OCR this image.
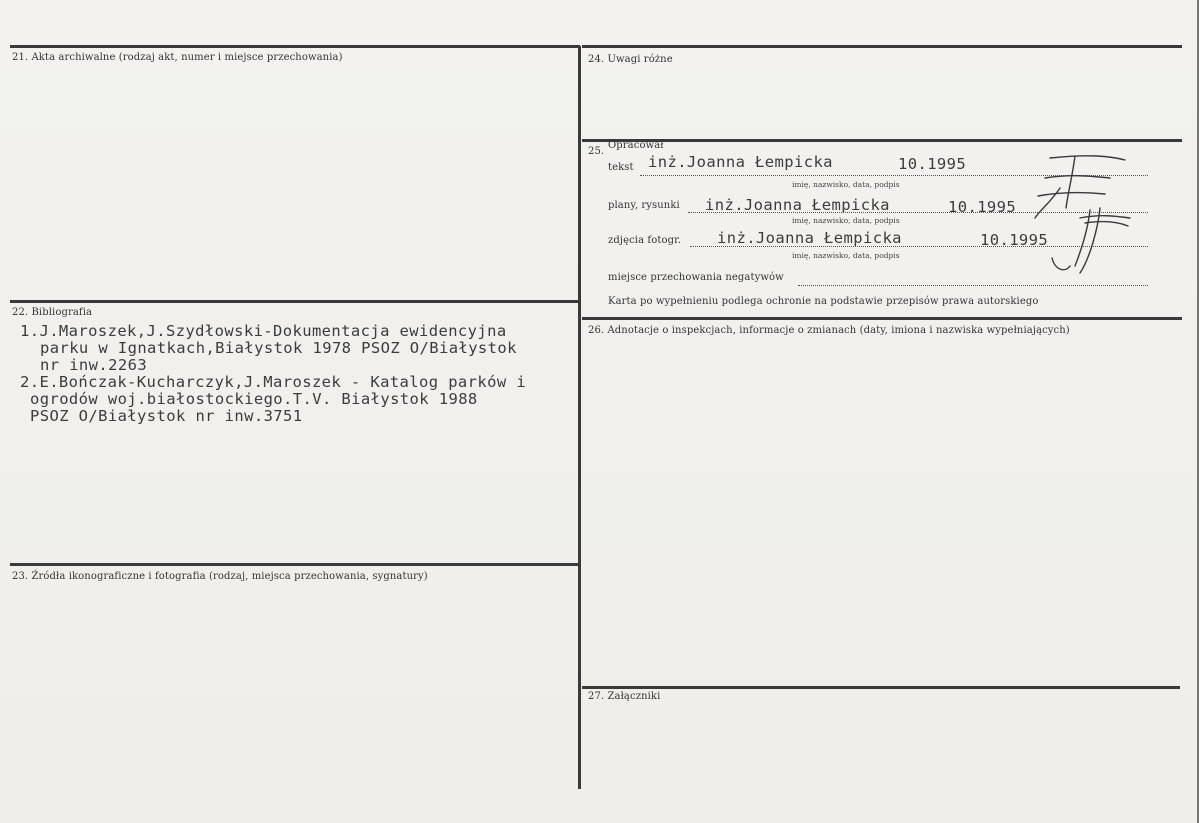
21. Akta archiwalne (rodzaj akt, numer i miejsce przechowania)
22. Bibliografia
1.J.Maroszek,J.Szydłowski-Dokumentacja ewidencyjna
parku w Ignatkach,Białystok 1978 PSOZ O/Białystok
nr inw.2263
2.E.Bończak-Kucharczyk,J.Maroszek - Katalog parków i
ogrodów woj.białostockiego.T.V. Białystok 1988
PSOZ O/Białystok nr inw.3751
23. Źródła ikonograficzne i fotografia (rodzaj, miejsca przechowania, sygnatury)
24. Uwagi różne
25.
Opracował
tekst inż.Joanna Łempicka	10.1995
imię, nazwisko, data, podpis
plany, rysunki inż.Joanna Łempicka	10.1995
imię, nazwisko, data, podpis
zdjęcia fotogr. inż.Joanna Łempicka	10.1995
imię, nazwisko, data, podpis
miejsce przechowania negatywów
Karta po wypełnieniu podlega ochronie na podstawie przepisów prawa autorskiego
26. Adnotacje o inspekcjach, informacje o zmianach (daty, imiona i nazwiska wypełniających)
27. Załączniki
